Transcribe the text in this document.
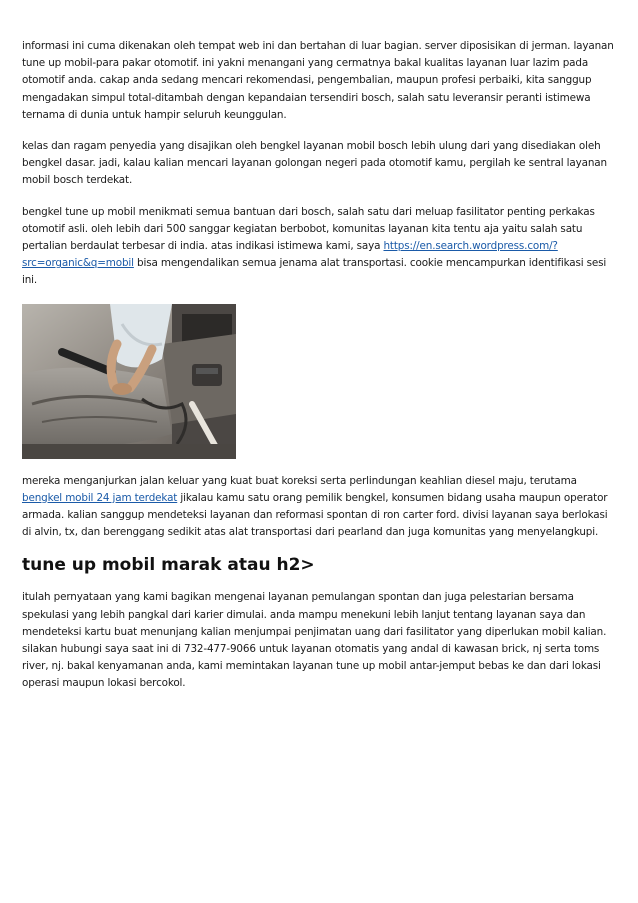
informasi ini cuma dikenakan oleh tempat web ini dan bertahan di luar bagian. server diposisikan di jerman. layanan tune up mobil-para pakar otomotif. ini yakni menangani yang cermatnya bakal kualitas layanan luar lazim pada otomotif anda. cakap anda sedang mencari rekomendasi, pengembalian, maupun profesi perbaiki, kita sanggup mengadakan simpul total-ditambah dengan kepandaian tersendiri bosch, salah satu leveransir peranti istimewa ternama di dunia untuk hampir seluruh keunggulan.

kelas dan ragam penyedia yang disajikan oleh bengkel layanan mobil bosch lebih ulung dari yang disediakan oleh bengkel dasar. jadi, kalau kalian mencari layanan golongan negeri pada otomotif kamu, pergilah ke sentral layanan mobil bosch terdekat.

bengkel tune up mobil menikmati semua bantuan dari bosch, salah satu dari meluap fasilitator penting perkakas otomotif asli. oleh lebih dari 500 sanggar kegiatan berbobot, komunitas layanan kita tentu aja yaitu salah satu pertalian berdaulat terbesar di india. atas indikasi istimewa kami, saya https://en.search.wordpress.com/?src=organic&q=mobil bisa mengendalikan semua jenama alat transportasi. cookie mencampurkan identifikasi sesi ini.

mereka menganjurkan jalan keluar yang kuat buat koreksi serta perlindungan keahlian diesel maju, terutama bengkel mobil 24 jam terdekat jikalau kamu satu orang pemilik bengkel, konsumen bidang usaha maupun operator armada. kalian sanggup mendeteksi layanan dan reformasi spontan di ron carter ford. divisi layanan saya berlokasi di alvin, tx, dan berenggang sedikit atas alat transportasi dari pearland dan juga komunitas yang menyelangkupi.

tune up mobil marak atau h2>

itulah pernyataan yang kami bagikan mengenai layanan pemulangan spontan dan juga pelestarian bersama spekulasi yang lebih pangkal dari karier dimulai. anda mampu menekuni lebih lanjut tentang layanan saya dan mendeteksi kartu buat menunjang kalian menjumpai penjimatan uang dari fasilitator yang diperlukan mobil kalian. silakan hubungi saya saat ini di 732-477-9066 untuk layanan otomatis yang andal di kawasan brick, nj serta toms river, nj. bakal kenyamanan anda, kami memintakan layanan tune up mobil antar-jemput bebas ke dan dari lokasi operasi maupun lokasi bercokol.
